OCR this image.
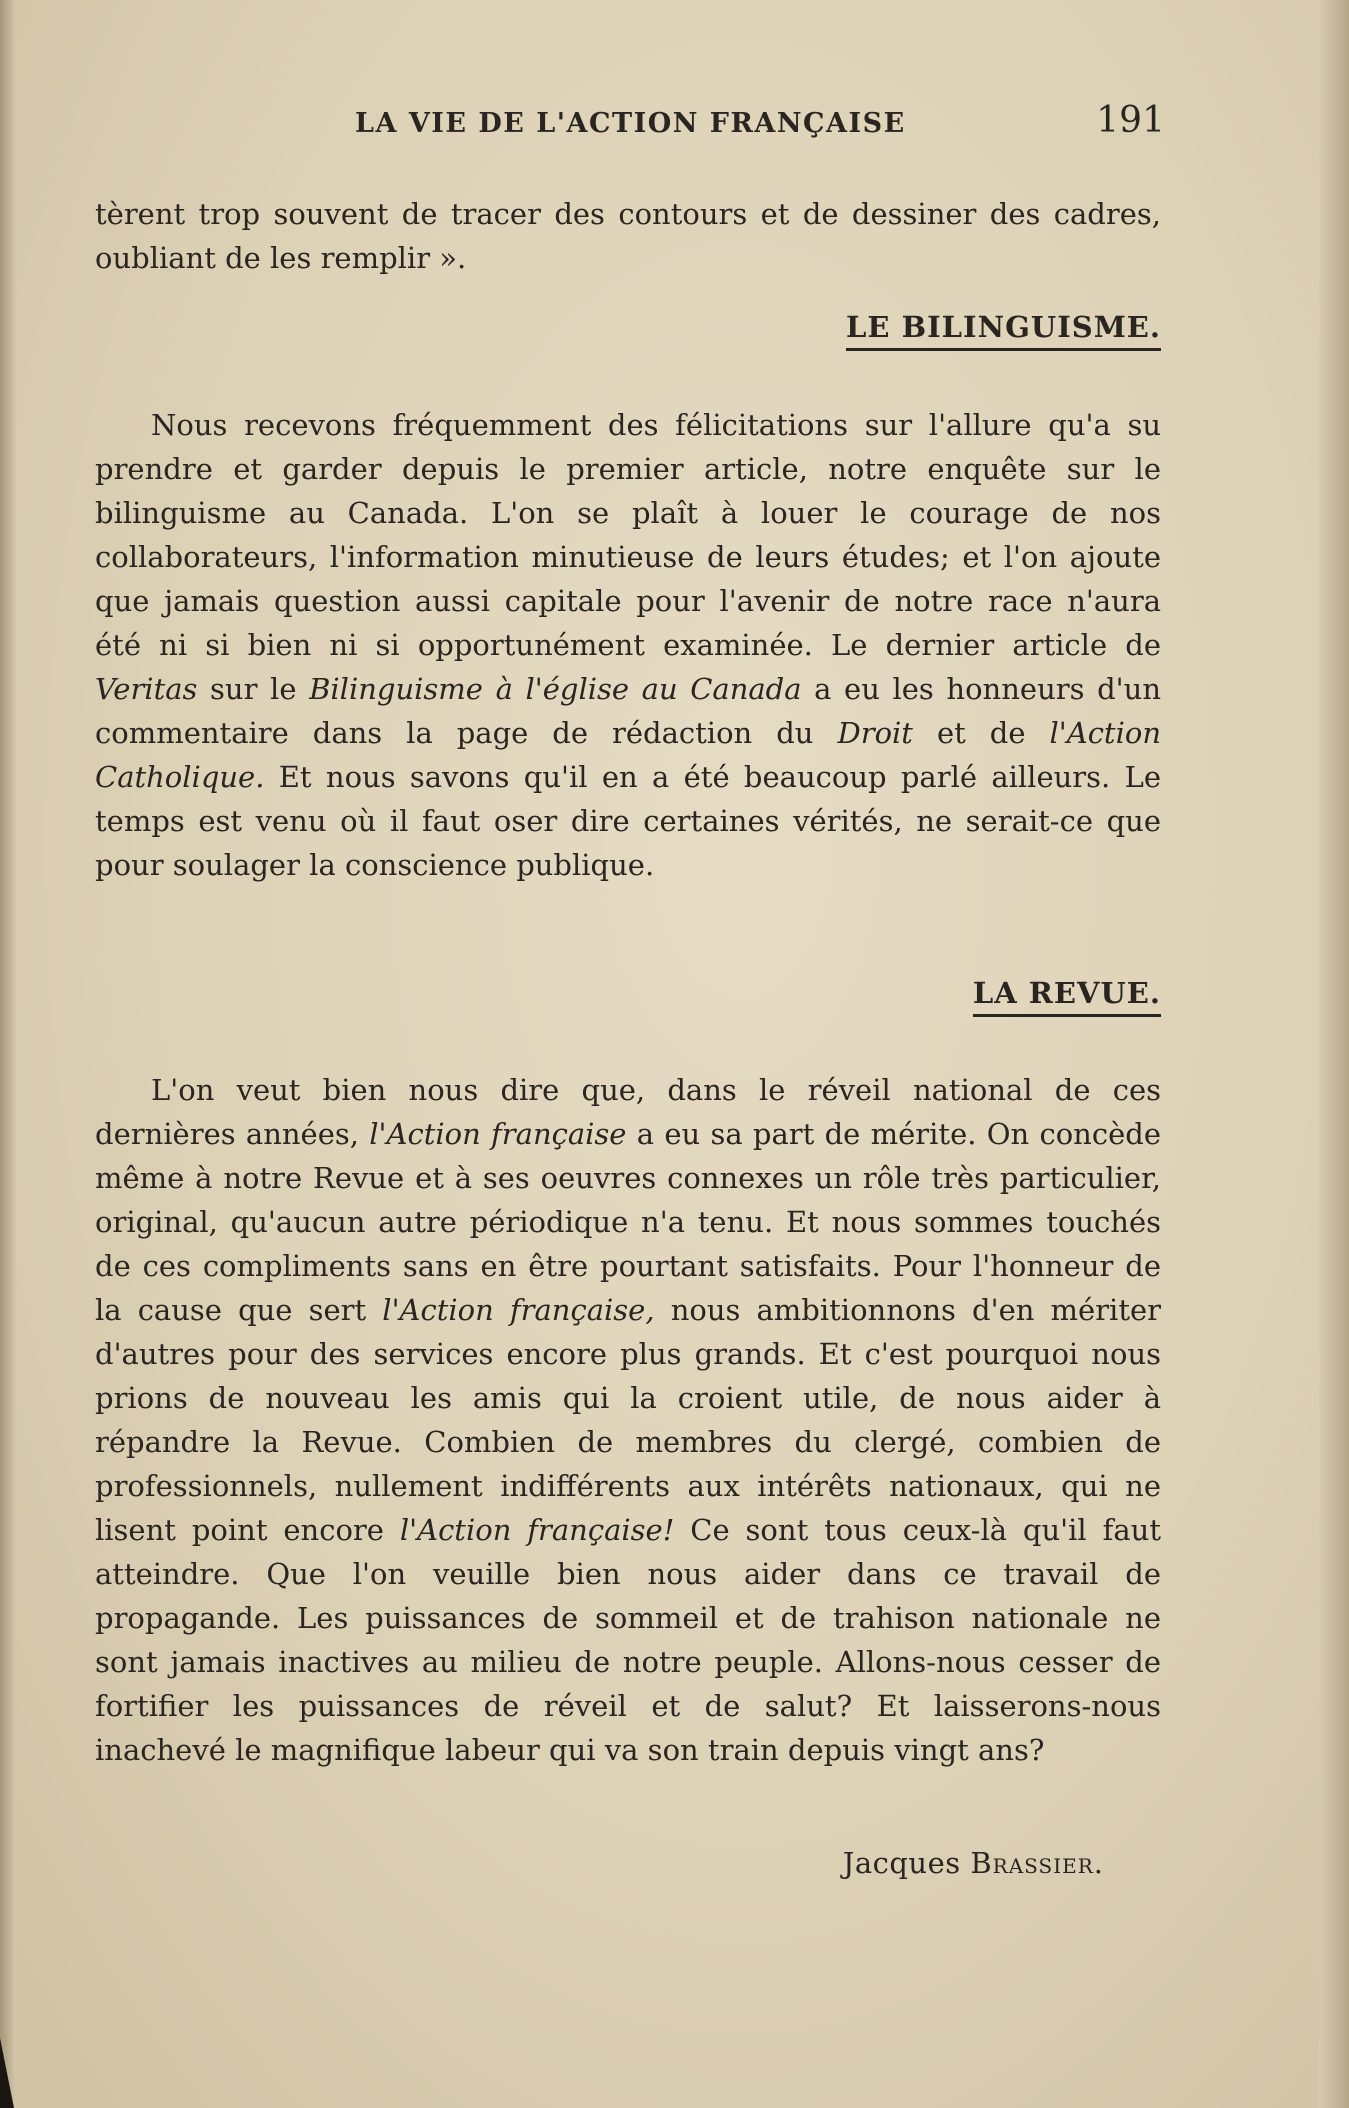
LA VIE DE L'ACTION FRANÇAISE	191

tèrent trop souvent de tracer des contours et de dessiner des cadres, oubliant de les remplir ».

LE BILINGUISME.

Nous recevons fréquemment des félicitations sur l'allure qu'a su prendre et garder depuis le premier article, notre enquête sur le bilinguisme au Canada. L'on se plaît à louer le courage de nos collaborateurs, l'information minutieuse de leurs études; et l'on ajoute que jamais question aussi capitale pour l'avenir de notre race n'aura été ni si bien ni si opportunément examinée. Le dernier article de Veritas sur le Bilinguisme à l'église au Canada a eu les honneurs d'un commentaire dans la page de rédaction du Droit et de l'Action Catholique. Et nous savons qu'il en a été beaucoup parlé ailleurs. Le temps est venu où il faut oser dire certaines vérités, ne serait-ce que pour soulager la conscience publique.

LA REVUE.

L'on veut bien nous dire que, dans le réveil national de ces dernières années, l'Action française a eu sa part de mérite. On concède même à notre Revue et à ses oeuvres connexes un rôle très particulier, original, qu'aucun autre périodique n'a tenu. Et nous sommes touchés de ces compliments sans en être pourtant satisfaits. Pour l'honneur de la cause que sert l'Action française, nous ambitionnons d'en mériter d'autres pour des services encore plus grands. Et c'est pourquoi nous prions de nouveau les amis qui la croient utile, de nous aider à répandre la Revue. Combien de membres du clergé, combien de professionnels, nullement indifférents aux intérêts nationaux, qui ne lisent point encore l'Action française! Ce sont tous ceux-là qu'il faut atteindre. Que l'on veuille bien nous aider dans ce travail de propagande. Les puissances de sommeil et de trahison nationale ne sont jamais inactives au milieu de notre peuple. Allons-nous cesser de fortifier les puissances de réveil et de salut? Et laisserons-nous inachevé le magnifique labeur qui va son train depuis vingt ans?

Jacques Brassier.
